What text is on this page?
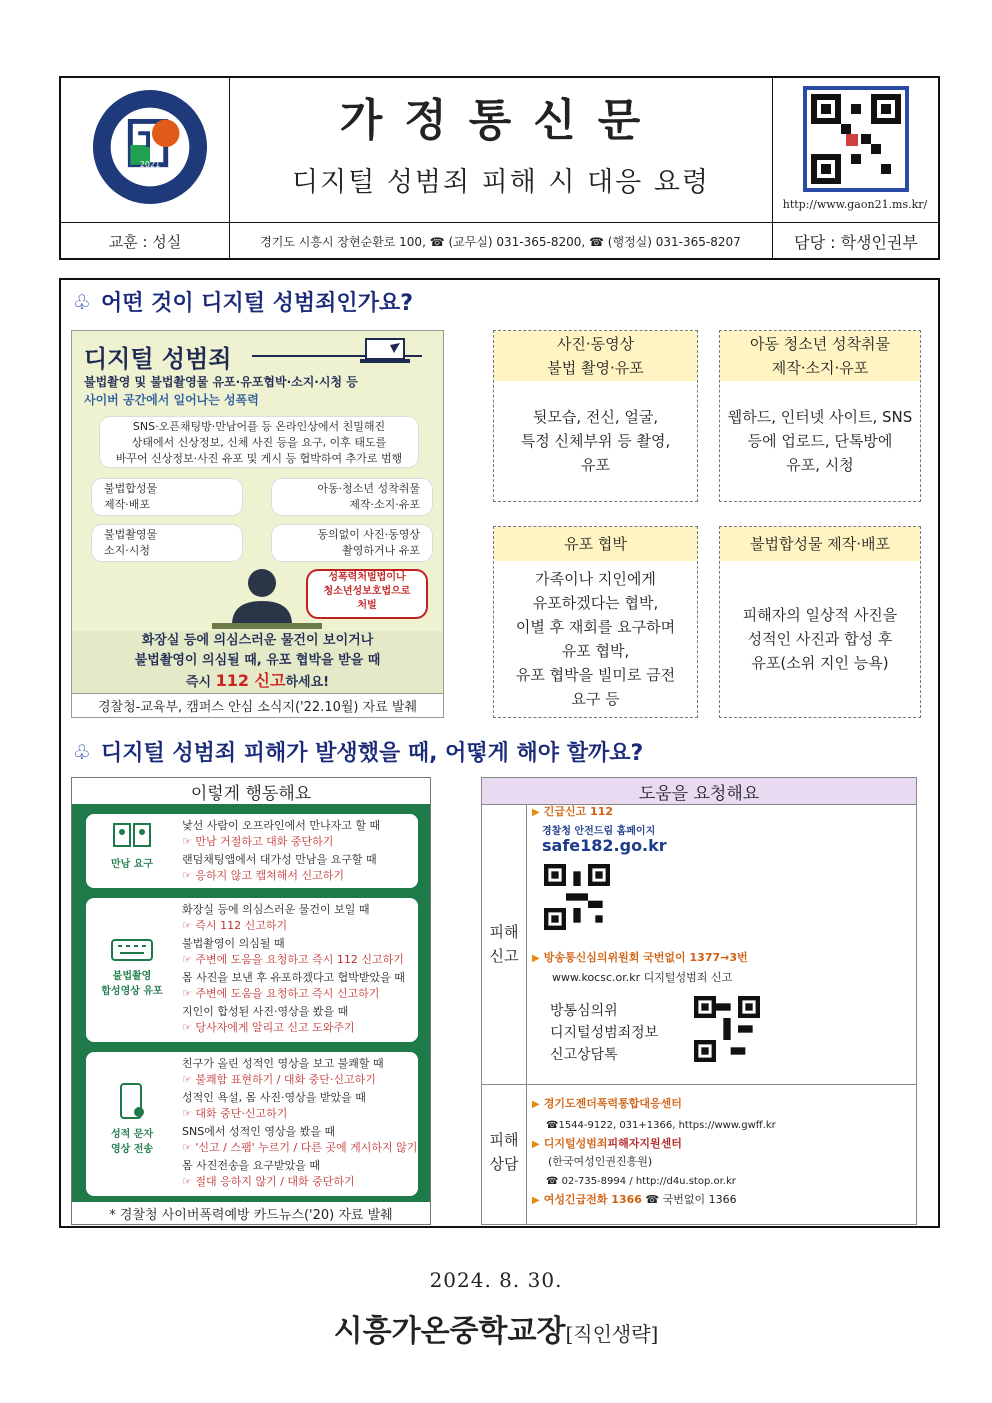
2021
가정통신문
디지털 성범죄 피해 시 대응 요령
http://www.gaon21.ms.kr/
교훈 : 성실	경기도 시흥시 장현순환로 100, ☎ (교무실) 031-365-8200, ☎ (행정실) 031-365-8207	담당 : 학생인권부
♧ 어떤 것이 디지털 성범죄인가요?
디지털 성범죄
불법촬영 및 불법촬영물 유포·유포협박·소지·시청 등
사이버 공간에서 일어나는 성폭력
SNS·오픈채팅방·만남어플 등 온라인상에서 친밀해진
상태에서 신상정보, 신체 사진 등을 요구, 이후 태도를
바꾸어 신상정보·사진 유포 및 게시 등 협박하여 추가로 범행
불법합성물
제작·배포
아동·청소년 성착취물
제작·소지·유포
불법촬영물
소지·시청
동의없이 사진·동영상
촬영하거나 유포
성폭력처벌법이나
청소년성보호법으로
처벌
화장실 등에 의심스러운 물건이 보이거나
불법촬영이 의심될 때, 유포 협박을 받을 때
즉시 112 신고하세요!
경찰청-교육부, 캠퍼스 안심 소식지('22.10월) 자료 발췌
사진·동영상
불법 촬영·유포
뒷모습, 전신, 얼굴,
특정 신체부위 등 촬영,
유포
아동 청소년 성착취물
제작·소지·유포
웹하드, 인터넷 사이트, SNS
등에 업로드, 단톡방에
유포, 시청
유포 협박
가족이나 지인에게
유포하겠다는 협박,
이별 후 재회를 요구하며
유포 협박,
유포 협박을 빌미로 금전
요구 등
불법합성물 제작·배포
피해자의 일상적 사진을
성적인 사진과 합성 후
유포(소위 지인 능욕)
♧ 디지털 성범죄 피해가 발생했을 때, 어떻게 해야 할까요?
이렇게 행동해요
만남 요구
낯선 사람이 오프라인에서 만나자고 할 때
☞ 만남 거절하고 대화 중단하기
랜덤채팅앱에서 대가성 만남을 요구할 때
☞ 응하지 않고 캡쳐해서 신고하기
불법촬영
합성영상 유포
화장실 등에 의심스러운 물건이 보일 때
☞ 즉시 112 신고하기
불법촬영이 의심될 때
☞ 주변에 도움을 요청하고 즉시 112 신고하기
몸 사진을 보낸 후 유포하겠다고 협박받았을 때
☞ 주변에 도움을 요청하고 즉시 신고하기
지인이 합성된 사진·영상을 봤을 때
☞ 당사자에게 알리고 신고 도와주기
성적 문자
영상 전송
친구가 올린 성적인 영상을 보고 불쾌할 때
☞ 불쾌함 표현하기 / 대화 중단·신고하기
성적인 욕설, 몸 사진·영상을 받았을 때
☞ 대화 중단·신고하기
SNS에서 성적인 영상을 봤을 때
☞ '신고 / 스팸' 누르기 / 다른 곳에 게시하지 않기
몸 사진전송을 요구받았을 때
☞ 절대 응하지 않기 / 대화 중단하기
* 경찰청 사이버폭력예방 카드뉴스('20) 자료 발췌
도움을 요청해요
피해
신고
피해
상담
▶ 긴급신고 112
경찰청 안전드림 홈페이지
safe182.go.kr
▶ 방송통신심의위원회 국번없이 1377→3번
www.kocsc.or.kr 디지털성범죄 신고
방통심의위
디지털성범죄정보
신고상담톡
▶ 경기도젠더폭력통합대응센터
☎1544-9122, 031+1366, https://www.gwff.kr
▶ 디지털성범죄피해자지원센터
(한국여성인권진흥원)
☎ 02-735-8994 / http://d4u.stop.or.kr
▶ 여성긴급전화 1366 ☎ 국번없이 1366
2024. 8. 30.
시흥가온중학교장[직인생략]
